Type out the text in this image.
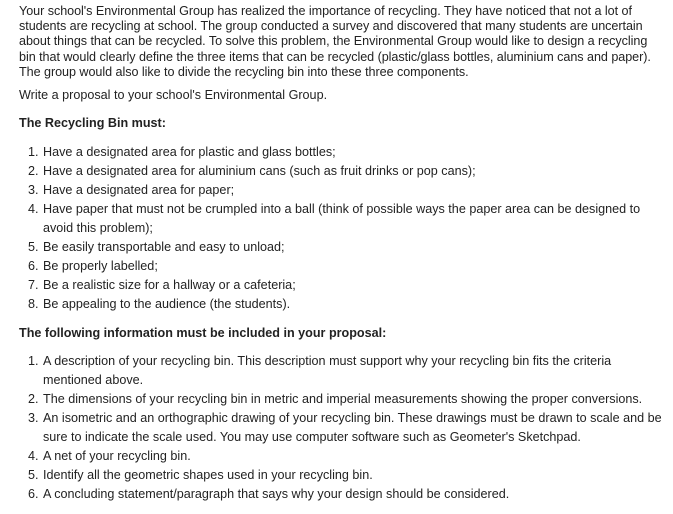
Your school's Environmental Group has realized the importance of recycling. They have noticed that not a lot of students are recycling at school. The group conducted a survey and discovered that many students are uncertain about things that can be recycled. To solve this problem, the Environmental Group would like to design a recycling bin that would clearly define the three items that can be recycled (plastic/glass bottles, aluminium cans and paper). The group would also like to divide the recycling bin into these three components.

Write a proposal to your school's Environmental Group.

The Recycling Bin must:
1. Have a designated area for plastic and glass bottles;
2. Have a designated area for aluminium cans (such as fruit drinks or pop cans);
3. Have a designated area for paper;
4. Have paper that must not be crumpled into a ball (think of possible ways the paper area can be designed to avoid this problem);
5. Be easily transportable and easy to unload;
6. Be properly labelled;
7. Be a realistic size for a hallway or a cafeteria;
8. Be appealing to the audience (the students).
The following information must be included in your proposal:
1. A description of your recycling bin. This description must support why your recycling bin fits the criteria mentioned above.
2. The dimensions of your recycling bin in metric and imperial measurements showing the proper conversions.
3. An isometric and an orthographic drawing of your recycling bin. These drawings must be drawn to scale and be sure to indicate the scale used. You may use computer software such as Geometer's Sketchpad.
4. A net of your recycling bin.
5. Identify all the geometric shapes used in your recycling bin.
6. A concluding statement/paragraph that says why your design should be considered.
